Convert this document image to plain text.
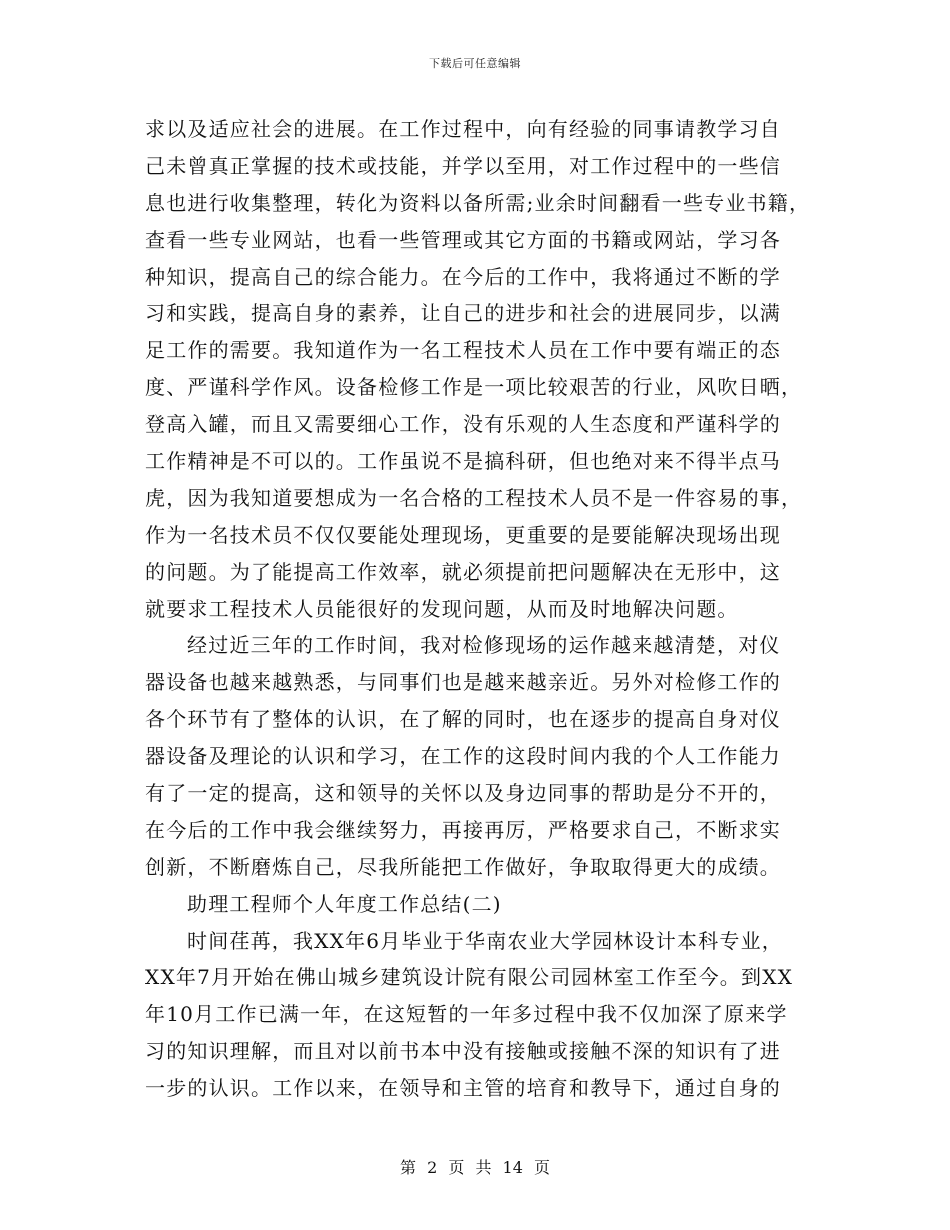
下载后可任意编辑
求以及适应社会的进展。在工作过程中，向有经验的同事请教学习自
己未曾真正掌握的技术或技能，并学以至用，对工作过程中的一些信
息也进行收集整理，转化为资料以备所需;业余时间翻看一些专业书籍，
查看一些专业网站，也看一些管理或其它方面的书籍或网站，学习各
种知识，提高自己的综合能力。在今后的工作中，我将通过不断的学
习和实践，提高自身的素养，让自己的进步和社会的进展同步，以满
足工作的需要。我知道作为一名工程技术人员在工作中要有端正的态
度、严谨科学作风。设备检修工作是一项比较艰苦的行业，风吹日晒，
登高入罐，而且又需要细心工作，没有乐观的人生态度和严谨科学的
工作精神是不可以的。工作虽说不是搞科研，但也绝对来不得半点马
虎，因为我知道要想成为一名合格的工程技术人员不是一件容易的事，
作为一名技术员不仅仅要能处理现场，更重要的是要能解决现场出现
的问题。为了能提高工作效率，就必须提前把问题解决在无形中，这
就要求工程技术人员能很好的发现问题，从而及时地解决问题。
经过近三年的工作时间，我对检修现场的运作越来越清楚，对仪
器设备也越来越熟悉，与同事们也是越来越亲近。另外对检修工作的
各个环节有了整体的认识，在了解的同时，也在逐步的提高自身对仪
器设备及理论的认识和学习，在工作的这段时间内我的个人工作能力
有了一定的提高，这和领导的关怀以及身边同事的帮助是分不开的，
在今后的工作中我会继续努力，再接再厉，严格要求自己，不断求实
创新，不断磨炼自己，尽我所能把工作做好，争取取得更大的成绩。
助理工程师个人年度工作总结(二)
时间荏苒，我XX年6月毕业于华南农业大学园林设计本科专业，
XX年7月开始在佛山城乡建筑设计院有限公司园林室工作至今。到XX
年10月工作已满一年，在这短暂的一年多过程中我不仅加深了原来学
习的知识理解，而且对以前书本中没有接触或接触不深的知识有了进
一步的认识。工作以来，在领导和主管的培育和教导下，通过自身的
第 2 页 共 14 页
